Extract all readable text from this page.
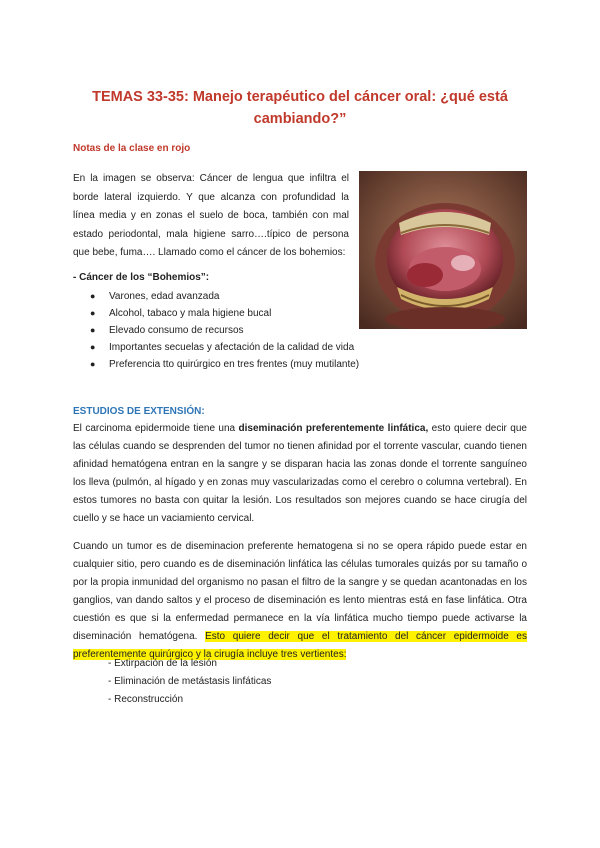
TEMAS 33-35: Manejo terapéutico del cáncer oral: ¿qué está cambiando?”
Notas de la clase en rojo

En la imagen se observa: Cáncer de lengua que infiltra el borde lateral izquierdo. Y que alcanza con profundidad la línea media y en zonas el suelo de boca, también con mal estado periodontal, mala higiene sarro….típico de persona que bebe, fuma…. Llamado como el cáncer de los bohemios:

- Cáncer de los “Bohemios”:
● Varones, edad avanzada
● Alcohol, tabaco y mala higiene bucal
● Elevado consumo de recursos
● Importantes secuelas y afectación de la calidad de vida
● Preferencia tto quirúrgico en tres frentes (muy mutilante)
ESTUDIOS DE EXTENSIÓN:

El carcinoma epidermoide tiene una diseminación preferentemente linfática, esto quiere decir que las células cuando se desprenden del tumor no tienen afinidad por el torrente vascular, cuando tienen afinidad hematógena entran en la sangre y se disparan hacia las zonas donde el torrente sanguíneo los lleva (pulmón, al hígado y en zonas muy vascularizadas como el cerebro o columna vertebral). En estos tumores no basta con quitar la lesión. Los resultados son mejores cuando se hace cirugía del cuello y se hace un vaciamiento cervical.

Cuando un tumor es de diseminacion preferente hematogena si no se opera rápido puede estar en cualquier sitio, pero cuando es de diseminación linfática las células tumorales quizás por su tamaño o por la propia inmunidad del organismo no pasan el filtro de la sangre y se quedan acantonadas en los ganglios, van dando saltos y el proceso de diseminación es lento mientras está en fase linfática. Otra cuestión es que si la enfermedad permanece en la vía linfática mucho tiempo puede activarse la diseminación hematógena. Esto quiere decir que el tratamiento del cáncer epidermoide es preferentemente quirúrgico y la cirugía incluye tres vertientes:

- Extirpación de la lesión
- Eliminación de metástasis linfáticas
- Reconstrucción
